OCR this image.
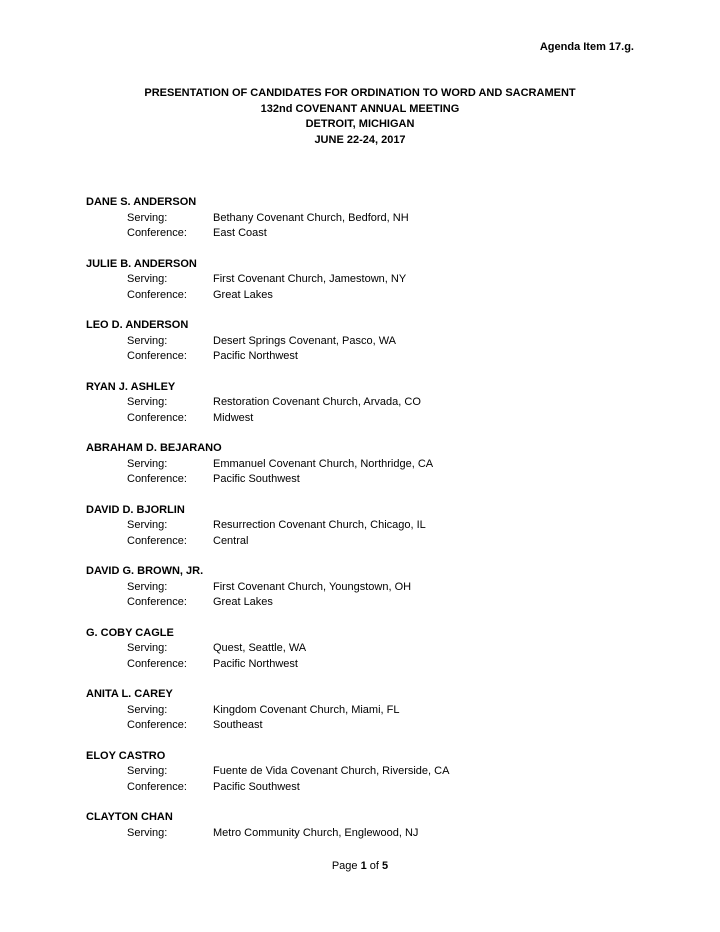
Agenda Item 17.g.
PRESENTATION OF CANDIDATES FOR ORDINATION TO WORD AND SACRAMENT
132nd COVENANT ANNUAL MEETING
DETROIT, MICHIGAN
JUNE 22-24, 2017
DANE S. ANDERSON
Serving:	Bethany Covenant Church, Bedford, NH
Conference:	East Coast
JULIE B. ANDERSON
Serving:	First Covenant Church, Jamestown, NY
Conference:	Great Lakes
LEO D. ANDERSON
Serving:	Desert Springs Covenant, Pasco, WA
Conference:	Pacific Northwest
RYAN J. ASHLEY
Serving:	Restoration Covenant Church, Arvada, CO
Conference:	Midwest
ABRAHAM D. BEJARANO
Serving:	Emmanuel Covenant Church, Northridge, CA
Conference:	Pacific Southwest
DAVID D. BJORLIN
Serving:	Resurrection Covenant Church, Chicago, IL
Conference:	Central
DAVID G. BROWN, JR.
Serving:	First Covenant Church, Youngstown, OH
Conference:	Great Lakes
G. COBY CAGLE
Serving:	Quest, Seattle, WA
Conference:	Pacific Northwest
ANITA L. CAREY
Serving:	Kingdom Covenant Church, Miami, FL
Conference:	Southeast
ELOY CASTRO
Serving:	Fuente de Vida Covenant Church, Riverside, CA
Conference:	Pacific Southwest
CLAYTON CHAN
Serving:	Metro Community Church, Englewood, NJ
Page 1 of 5
